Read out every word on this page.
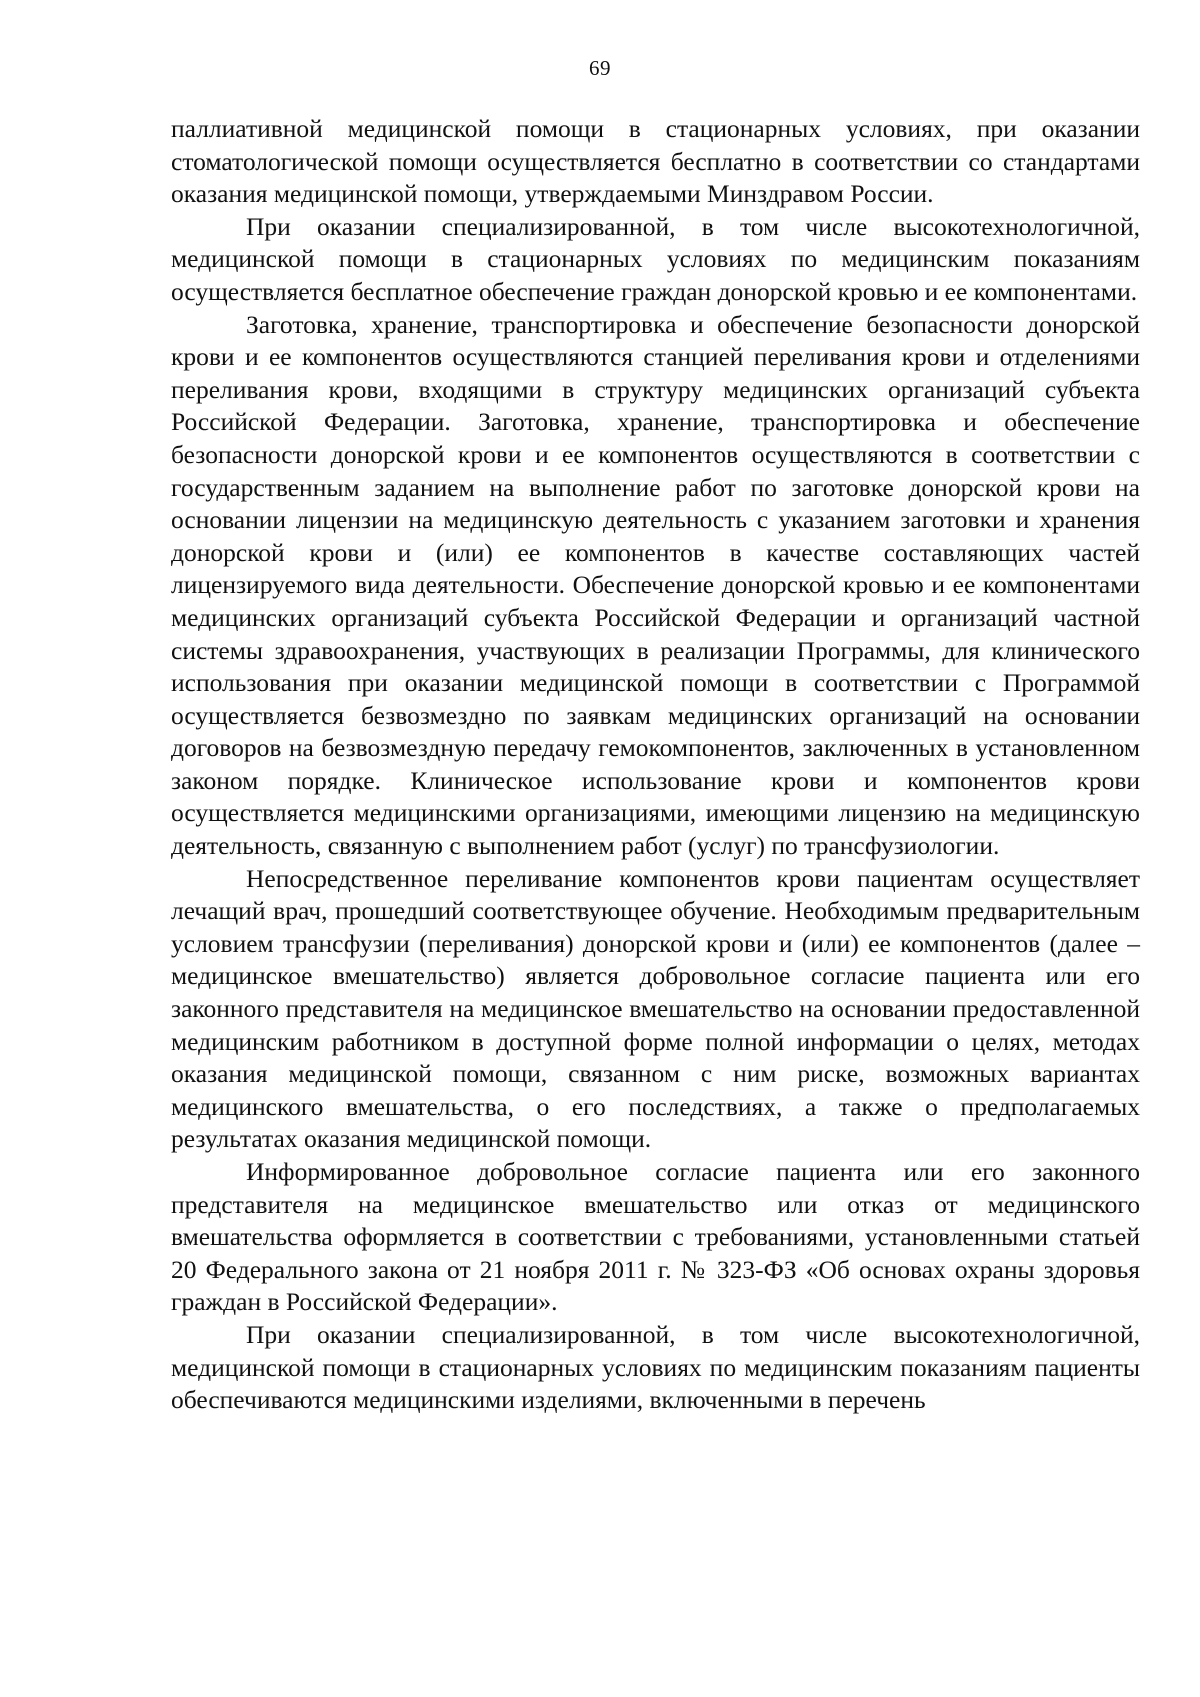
69

паллиативной медицинской помощи в стационарных условиях, при оказании стоматологической помощи осуществляется бесплатно в соответствии со стандартами оказания медицинской помощи, утверждаемыми Минздравом России.

При оказании специализированной, в том числе высокотехнологичной, медицинской помощи в стационарных условиях по медицинским показаниям осуществляется бесплатное обеспечение граждан донорской кровью и ее компонентами.

Заготовка, хранение, транспортировка и обеспечение безопасности донорской крови и ее компонентов осуществляются станцией переливания крови и отделениями переливания крови, входящими в структуру медицинских организаций субъекта Российской Федерации. Заготовка, хранение, транспортировка и обеспечение безопасности донорской крови и ее компонентов осуществляются в соответствии с государственным заданием на выполнение работ по заготовке донорской крови на основании лицензии на медицинскую деятельность с указанием заготовки и хранения донорской крови и (или) ее компонентов в качестве составляющих частей лицензируемого вида деятельности. Обеспечение донорской кровью и ее компонентами медицинских организаций субъекта Российской Федерации и организаций частной системы здравоохранения, участвующих в реализации Программы, для клинического использования при оказании медицинской помощи в соответствии с Программой осуществляется безвозмездно по заявкам медицинских организаций на основании договоров на безвозмездную передачу гемокомпонентов, заключенных в установленном законом порядке. Клиническое использование крови и компонентов крови осуществляется медицинскими организациями, имеющими лицензию на медицинскую деятельность, связанную с выполнением работ (услуг) по трансфузиологии.

Непосредственное переливание компонентов крови пациентам осуществляет лечащий врач, прошедший соответствующее обучение. Необходимым предварительным условием трансфузии (переливания) донорской крови и (или) ее компонентов (далее – медицинское вмешательство) является добровольное согласие пациента или его законного представителя на медицинское вмешательство на основании предоставленной медицинским работником в доступной форме полной информации о целях, методах оказания медицинской помощи, связанном с ним риске, возможных вариантах медицинского вмешательства, о его последствиях, а также о предполагаемых результатах оказания медицинской помощи.

Информированное добровольное согласие пациента или его законного представителя на медицинское вмешательство или отказ от медицинского вмешательства оформляется в соответствии с требованиями, установленными статьей 20 Федерального закона от 21 ноября 2011 г. № 323-ФЗ «Об основах охраны здоровья граждан в Российской Федерации».

При оказании специализированной, в том числе высокотехнологичной, медицинской помощи в стационарных условиях по медицинским показаниям пациенты обеспечиваются медицинскими изделиями, включенными в перечень
